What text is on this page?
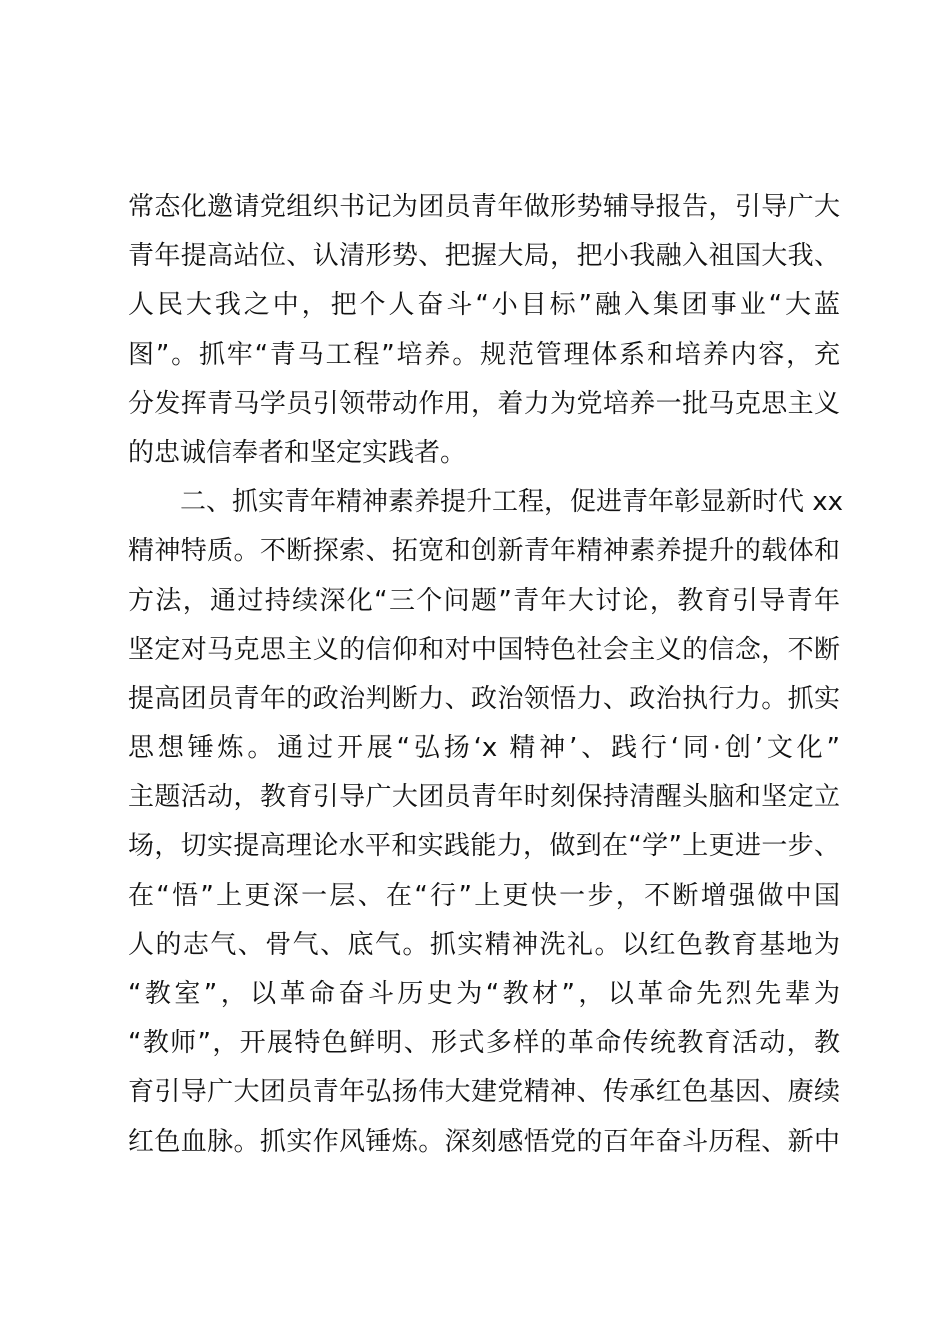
常态化邀请党组织书记为团员青年做形势辅导报告，引导广大
青年提高站位、认清形势、把握大局，把小我融入祖国大我、
人民大我之中，把个人奋斗“小目标”融入集团事业“大蓝
图”。抓牢“青马工程”培养。规范管理体系和培养内容，充
分发挥青马学员引领带动作用，着力为党培养一批马克思主义
的忠诚信奉者和坚定实践者。
　　二、抓实青年精神素养提升工程，促进青年彰显新时代 xx
精神特质。不断探索、拓宽和创新青年精神素养提升的载体和
方法，通过持续深化“三个问题”青年大讨论，教育引导青年
坚定对马克思主义的信仰和对中国特色社会主义的信念，不断
提高团员青年的政治判断力、政治领悟力、政治执行力。抓实
思想锤炼。通过开展“弘扬‘x 精神’、践行‘同·创’文化”
主题活动，教育引导广大团员青年时刻保持清醒头脑和坚定立
场，切实提高理论水平和实践能力，做到在“学”上更进一步、
在“悟”上更深一层、在“行”上更快一步，不断增强做中国
人的志气、骨气、底气。抓实精神洗礼。以红色教育基地为
“教室”，以革命奋斗历史为“教材”，以革命先烈先辈为
“教师”，开展特色鲜明、形式多样的革命传统教育活动，教
育引导广大团员青年弘扬伟大建党精神、传承红色基因、赓续
红色血脉。抓实作风锤炼。深刻感悟党的百年奋斗历程、新中
